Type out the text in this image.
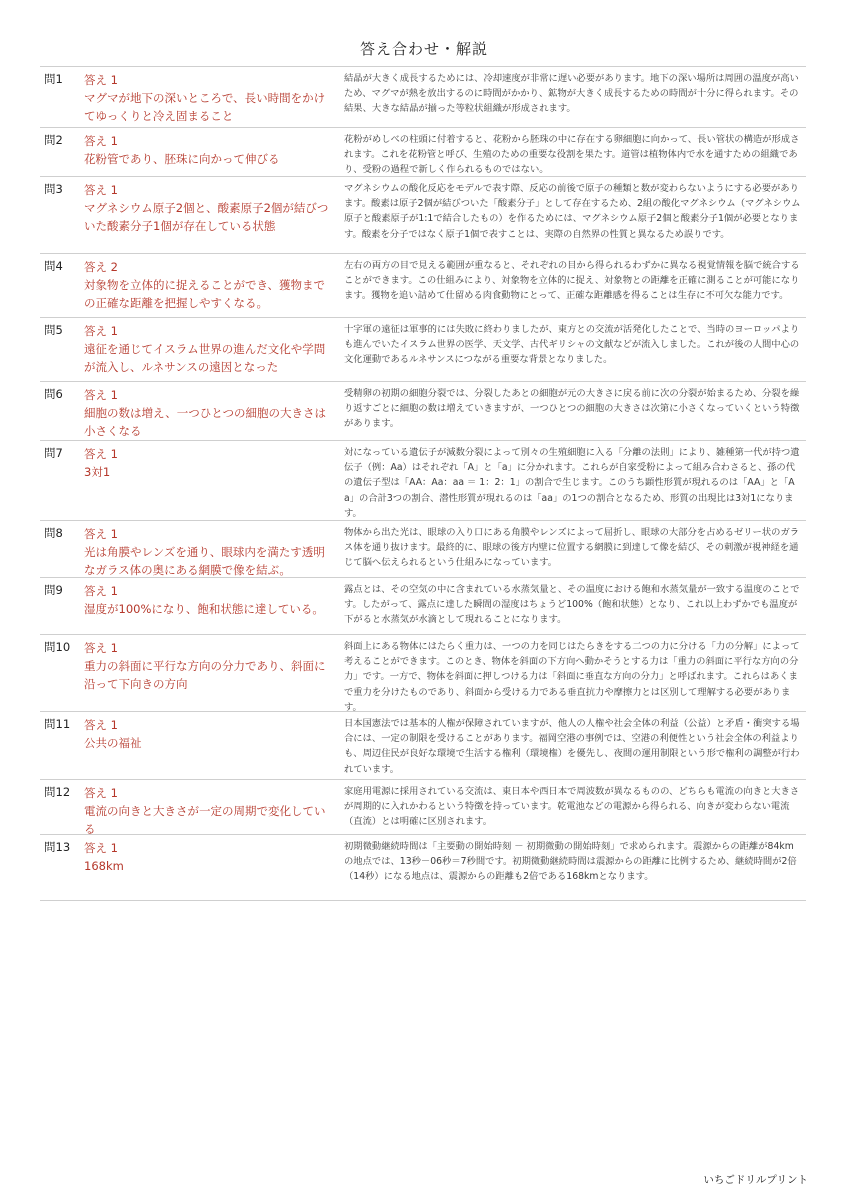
答え合わせ・解説
問1	答え 1
マグマが地下の深いところで、長い時間をかけてゆっくりと冷え固まること
結晶が大きく成長するためには、冷却速度が非常に遅い必要があります。地下の深い場所は周囲の温度が高いため、マグマが熱を放出するのに時間がかかり、鉱物が大きく成長するための時間が十分に得られます。その結果、大きな結晶が揃った等粒状組織が形成されます。
問2	答え 1
花粉管であり、胚珠に向かって伸びる
花粉がめしべの柱頭に付着すると、花粉から胚珠の中に存在する卵細胞に向かって、長い管状の構造が形成されます。これを花粉管と呼び、生殖のための重要な役割を果たす。道管は植物体内で水を通すための組織であり、受粉の過程で新しく作られるものではない。
問3	答え 1
マグネシウム原子2個と、酸素原子2個が結びついた酸素分子1個が存在している状態
マグネシウムの酸化反応をモデルで表す際、反応の前後で原子の種類と数が変わらないようにする必要があります。酸素は原子2個が結びついた「酸素分子」として存在するため、2組の酸化マグネシウム（マグネシウム原子と酸素原子が1:1で結合したもの）を作るためには、マグネシウム原子2個と酸素分子1個が必要となります。酸素を分子ではなく原子1個で表すことは、実際の自然界の性質と異なるため誤りです。
問4	答え 2
対象物を立体的に捉えることができ、獲物までの正確な距離を把握しやすくなる。
左右の両方の目で見える範囲が重なると、それぞれの目から得られるわずかに異なる視覚情報を脳で統合することができます。この仕組みにより、対象物を立体的に捉え、対象物との距離を正確に測ることが可能になります。獲物を追い詰めて仕留める肉食動物にとって、正確な距離感を得ることは生存に不可欠な能力です。
問5	答え 1
遠征を通じてイスラム世界の進んだ文化や学問が流入し、ルネサンスの遠因となった
十字軍の遠征は軍事的には失敗に終わりましたが、東方との交流が活発化したことで、当時のヨーロッパよりも進んでいたイスラム世界の医学、天文学、古代ギリシャの文献などが流入しました。これが後の人間中心の文化運動であるルネサンスにつながる重要な背景となりました。
問6	答え 1
細胞の数は増え、一つひとつの細胞の大きさは小さくなる
受精卵の初期の細胞分裂では、分裂したあとの細胞が元の大きさに戻る前に次の分裂が始まるため、分裂を繰り返すごとに細胞の数は増えていきますが、一つひとつの細胞の大きさは次第に小さくなっていくという特徴があります。
問7	答え 1
3対1
対になっている遺伝子が減数分裂によって別々の生殖細胞に入る「分離の法則」により、雑種第一代が持つ遺伝子（例：Aa）はそれぞれ「A」と「a」に分かれます。これらが自家受粉によって組み合わさると、孫の代の遺伝子型は「AA：Aa：aa ＝ 1：2：1」の割合で生じます。このうち顕性形質が現れるのは「AA」と「Aa」の合計3つの割合、潜性形質が現れるのは「aa」の1つの割合となるため、形質の出現比は3対1になります。
問8	答え 1
光は角膜やレンズを通り、眼球内を満たす透明なガラス体の奥にある網膜で像を結ぶ。
物体から出た光は、眼球の入り口にある角膜やレンズによって屈折し、眼球の大部分を占めるゼリー状のガラス体を通り抜けます。最終的に、眼球の後方内壁に位置する網膜に到達して像を結び、その刺激が視神経を通じて脳へ伝えられるという仕組みになっています。
問9	答え 1
湿度が100%になり、飽和状態に達している。
露点とは、その空気の中に含まれている水蒸気量と、その温度における飽和水蒸気量が一致する温度のことです。したがって、露点に達した瞬間の湿度はちょうど100%（飽和状態）となり、これ以上わずかでも温度が下がると水蒸気が水滴として現れることになります。
問10	答え 1
重力の斜面に平行な方向の分力であり、斜面に沿って下向きの方向
斜面上にある物体にはたらく重力は、一つの力を同じはたらきをする二つの力に分ける「力の分解」によって考えることができます。このとき、物体を斜面の下方向へ動かそうとする力は「重力の斜面に平行な方向の分力」です。一方で、物体を斜面に押しつける力は「斜面に垂直な方向の分力」と呼ばれます。これらはあくまで重力を分けたものであり、斜面から受ける力である垂直抗力や摩擦力とは区別して理解する必要があります。
問11	答え 1
公共の福祉
日本国憲法では基本的人権が保障されていますが、他人の人権や社会全体の利益（公益）と矛盾・衝突する場合には、一定の制限を受けることがあります。福岡空港の事例では、空港の利便性という社会全体の利益よりも、周辺住民が良好な環境で生活する権利（環境権）を優先し、夜間の運用制限という形で権利の調整が行われています。
問12	答え 1
電流の向きと大きさが一定の周期で変化している
家庭用電源に採用されている交流は、東日本や西日本で周波数が異なるものの、どちらも電流の向きと大きさが周期的に入れかわるという特徴を持っています。乾電池などの電源から得られる、向きが変わらない電流（直流）とは明確に区別されます。
問13	答え 1
168km
初期微動継続時間は「主要動の開始時刻 － 初期微動の開始時刻」で求められます。震源からの距離が84kmの地点では、13秒－06秒＝7秒間です。初期微動継続時間は震源からの距離に比例するため、継続時間が2倍（14秒）になる地点は、震源からの距離も2倍である168kmとなります。
いちごドリルプリント
